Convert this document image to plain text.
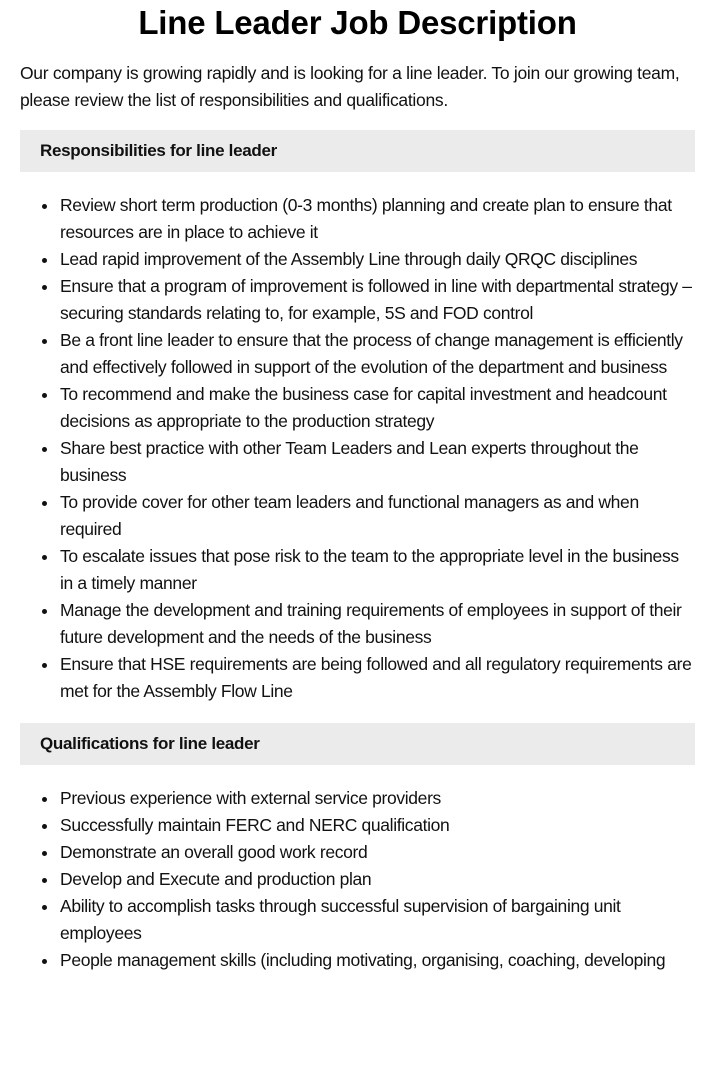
Line Leader Job Description

Our company is growing rapidly and is looking for a line leader. To join our growing team, please review the list of responsibilities and qualifications.

Responsibilities for line leader
Review short term production (0-3 months) planning and create plan to ensure that resources are in place to achieve it
Lead rapid improvement of the Assembly Line through daily QRQC disciplines
Ensure that a program of improvement is followed in line with departmental strategy – securing standards relating to, for example, 5S and FOD control
Be a front line leader to ensure that the process of change management is efficiently and effectively followed in support of the evolution of the department and business
To recommend and make the business case for capital investment and headcount decisions as appropriate to the production strategy
Share best practice with other Team Leaders and Lean experts throughout the business
To provide cover for other team leaders and functional managers as and when required
To escalate issues that pose risk to the team to the appropriate level in the business in a timely manner
Manage the development and training requirements of employees in support of their future development and the needs of the business
Ensure that HSE requirements are being followed and all regulatory requirements are met for the Assembly Flow Line
Qualifications for line leader
Previous experience with external service providers
Successfully maintain FERC and NERC qualification
Demonstrate an overall good work record
Develop and Execute and production plan
Ability to accomplish tasks through successful supervision of bargaining unit employees
People management skills (including motivating, organising, coaching, developing
